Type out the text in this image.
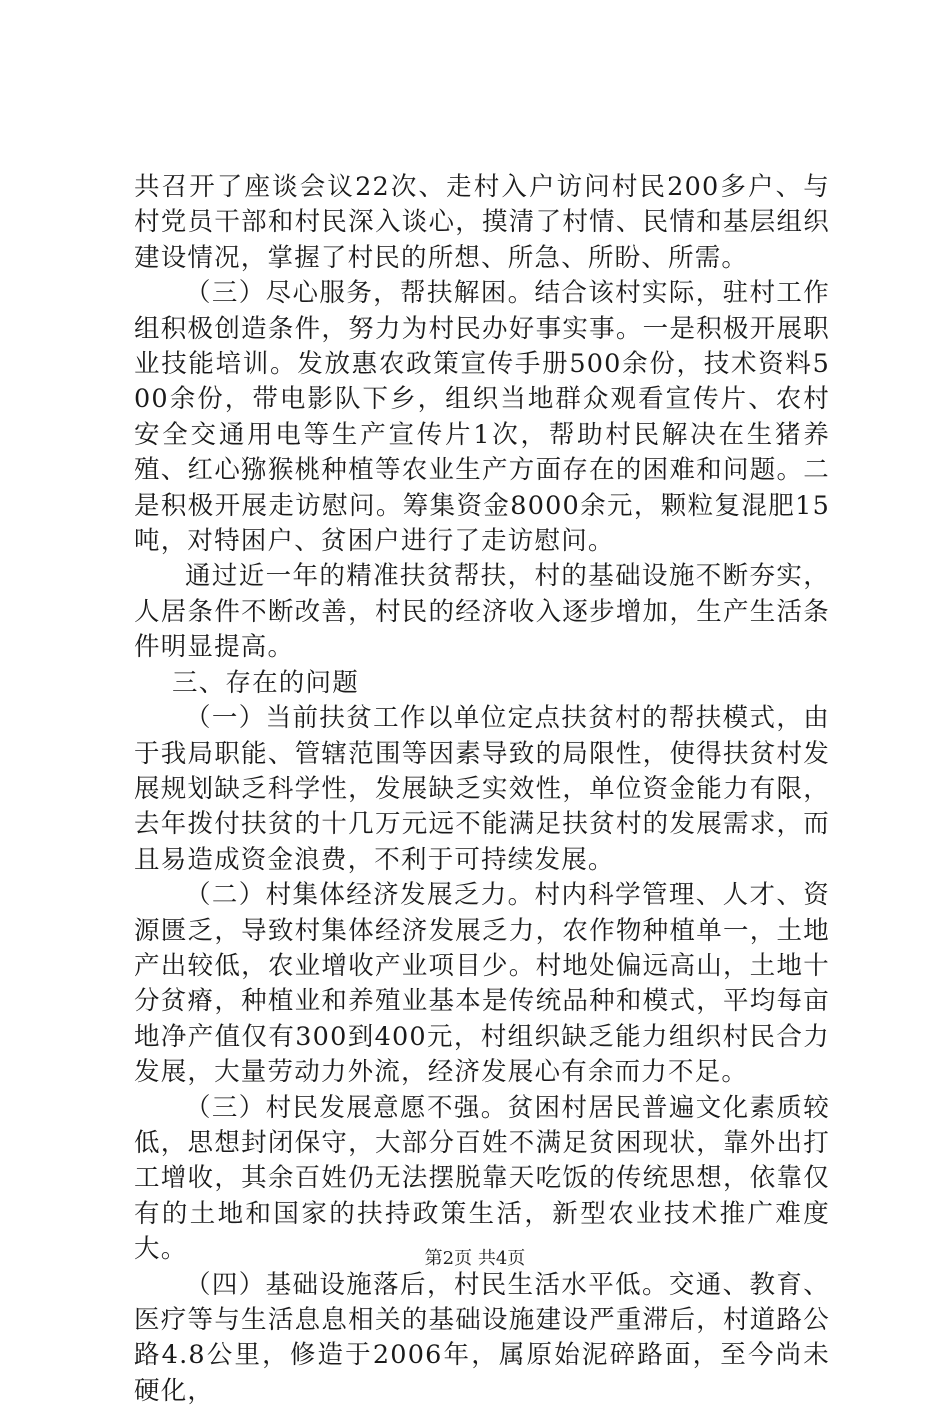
共召开了座谈会议22次、走村入户访问村民200多户、与村党员干部和村民深入谈心，摸清了村情、民情和基层组织建设情况，掌握了村民的所想、所急、所盼、所需。

（三）尽心服务，帮扶解困。结合该村实际，驻村工作组积极创造条件，努力为村民办好事实事。一是积极开展职业技能培训。发放惠农政策宣传手册500余份，技术资料500余份，带电影队下乡，组织当地群众观看宣传片、农村安全交通用电等生产宣传片1次，帮助村民解决在生猪养殖、红心猕猴桃种植等农业生产方面存在的困难和问题。二是积极开展走访慰问。筹集资金8000余元，颗粒复混肥15吨，对特困户、贫困户进行了走访慰问。

通过近一年的精准扶贫帮扶，村的基础设施不断夯实，人居条件不断改善，村民的经济收入逐步增加，生产生活条件明显提高。

三、存在的问题

（一）当前扶贫工作以单位定点扶贫村的帮扶模式，由于我局职能、管辖范围等因素导致的局限性，使得扶贫村发展规划缺乏科学性，发展缺乏实效性，单位资金能力有限，去年拨付扶贫的十几万元远不能满足扶贫村的发展需求，而且易造成资金浪费，不利于可持续发展。

（二）村集体经济发展乏力。村内科学管理、人才、资源匮乏，导致村集体经济发展乏力，农作物种植单一，土地产出较低，农业增收产业项目少。村地处偏远高山，土地十分贫瘠，种植业和养殖业基本是传统品种和模式，平均每亩地净产值仅有300到400元，村组织缺乏能力组织村民合力发展，大量劳动力外流，经济发展心有余而力不足。

（三）村民发展意愿不强。贫困村居民普遍文化素质较低，思想封闭保守，大部分百姓不满足贫困现状，靠外出打工增收，其余百姓仍无法摆脱靠天吃饭的传统思想，依靠仅有的土地和国家的扶持政策生活，新型农业技术推广难度大。

（四）基础设施落后，村民生活水平低。交通、教育、医疗等与生活息息相关的基础设施建设严重滞后，村道路公路4.8公里，修造于2006年，属原始泥碎路面，至今尚未硬化，

第2页 共4页
